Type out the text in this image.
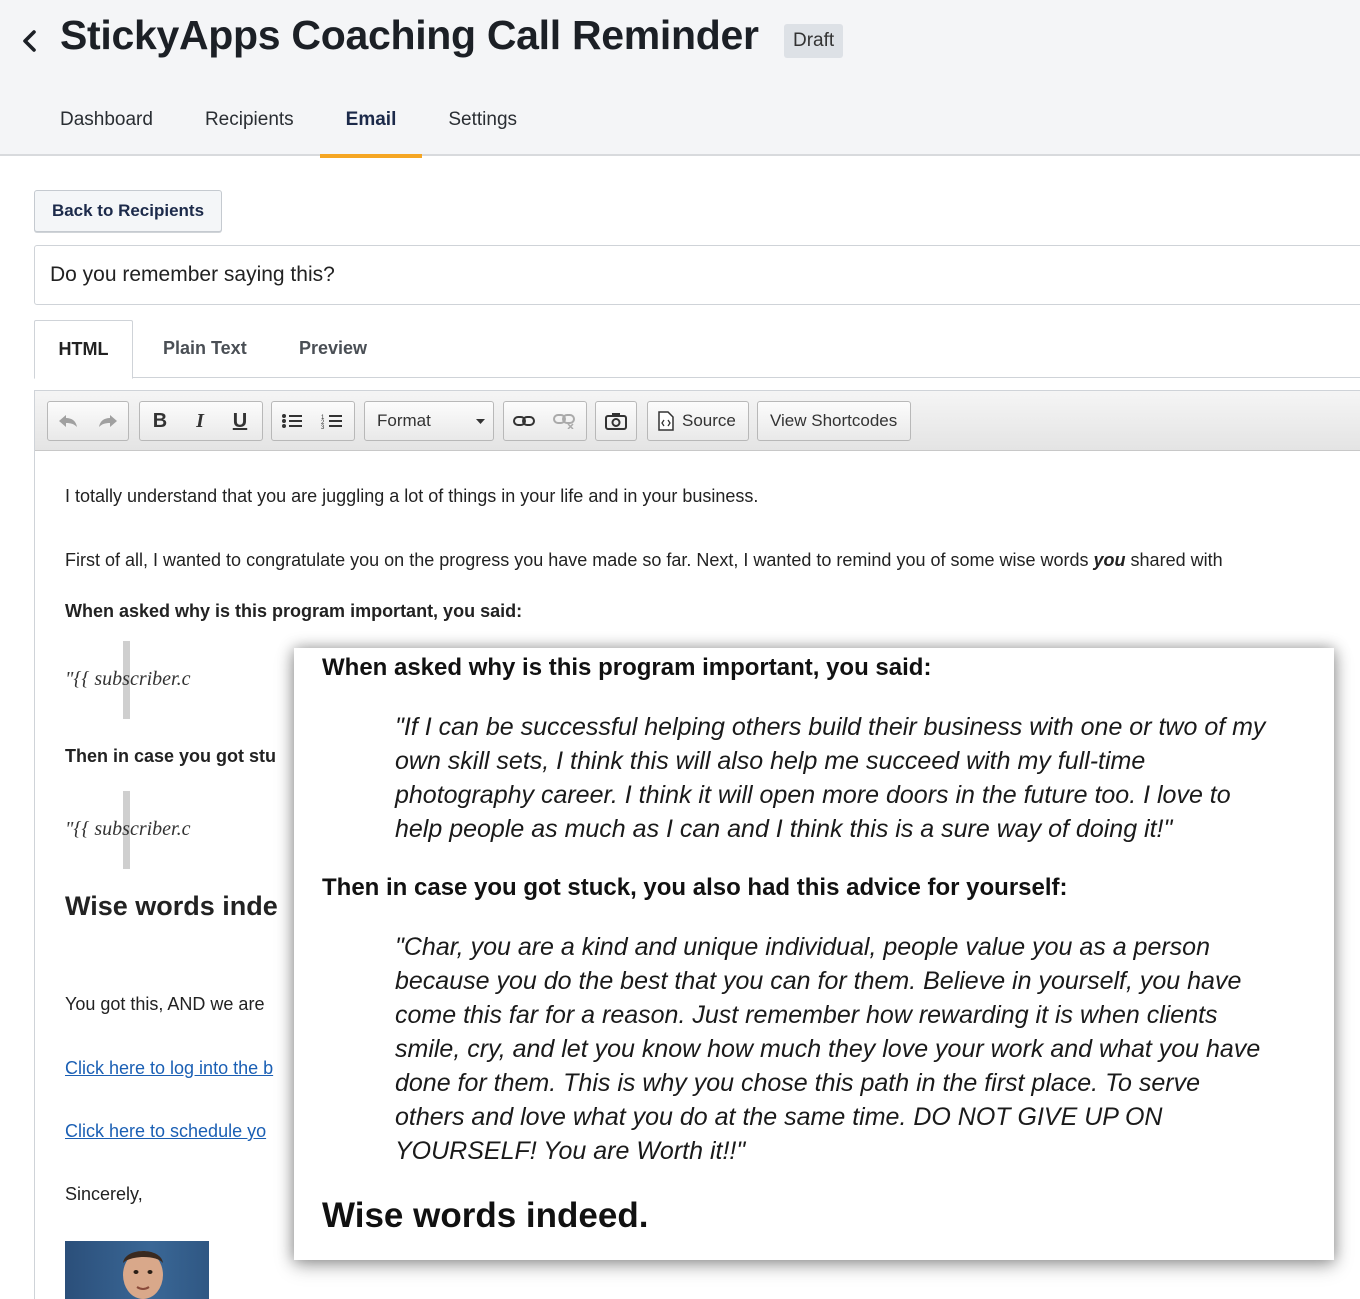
StickyApps Coaching Call Reminder	Draft
Dashboard	Recipients	Email	Settings
Back to Recipients
Do you remember saying this?
HTML	Plain Text	Preview
B	I	U	1
2
3	Format	Source	View Shortcodes

I totally understand that you are juggling a lot of things in your life and in your business.

First of all, I wanted to congratulate you on the progress you have made so far. Next, I wanted to remind you of some wise words you shared with

When asked why is this program important, you said:

"{{ subscriber.c

Then in case you got stu

"{{ subscriber.c

Wise words inde

You got this, AND we are

Click here to log into the b

Click here to schedule yo

Sincerely,

When asked why is this program important, you said:
"If I can be successful helping others build their business with one or two of my own skill sets, I think this will also help me succeed with my full-time photography career. I think it will open more doors in the future too. I love to help people as much as I can and I think this is a sure way of doing it!"
Then in case you got stuck, you also had this advice for yourself:
"Char, you are a kind and unique individual, people value you as a person because you do the best that you can for them. Believe in yourself, you have come this far for a reason. Just remember how rewarding it is when clients smile, cry, and let you know how much they love your work and what you have done for them. This is why you chose this path in the first place. To serve others and love what you do at the same time. DO NOT GIVE UP ON YOURSELF! You are Worth it!!"
Wise words indeed.
